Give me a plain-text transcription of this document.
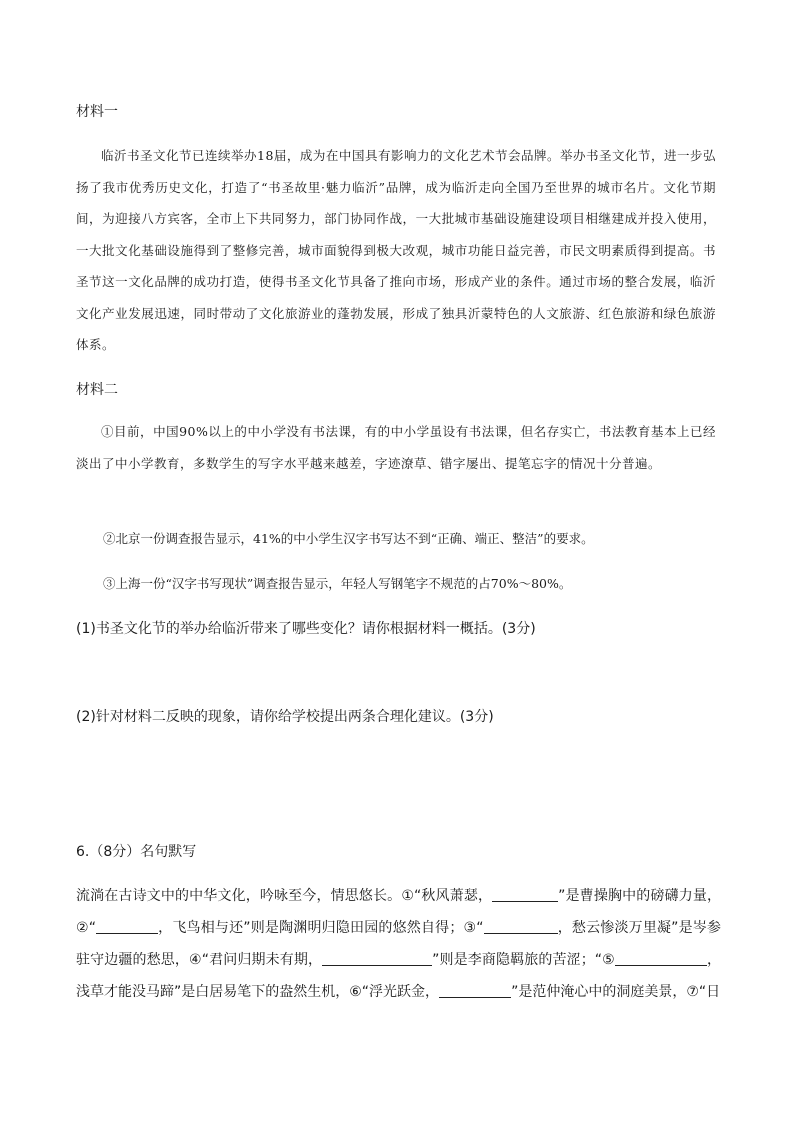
材料一
临沂书圣文化节已连续举办18届，成为在中国具有影响力的文化艺术节会品牌。举办书圣文化节，进一步弘扬了我市优秀历史文化，打造了“书圣故里·魅力临沂”品牌，成为临沂走向全国乃至世界的城市名片。文化节期间，为迎接八方宾客，全市上下共同努力，部门协同作战，一大批城市基础设施建设项目相继建成并投入使用，一大批文化基础设施得到了整修完善，城市面貌得到极大改观，城市功能日益完善，市民文明素质得到提高。书圣节这一文化品牌的成功打造，使得书圣文化节具备了推向市场，形成产业的条件。通过市场的整合发展，临沂文化产业发展迅速，同时带动了文化旅游业的蓬勃发展，形成了独具沂蒙特色的人文旅游、红色旅游和绿色旅游体系。
材料二
①目前，中国90%以上的中小学没有书法课，有的中小学虽设有书法课，但名存实亡，书法教育基本上已经淡出了中小学教育，多数学生的写字水平越来越差，字迹潦草、错字屡出、提笔忘字的情况十分普遍。
②北京一份调查报告显示，41%的中小学生汉字书写达不到“正确、端正、整洁”的要求。
③上海一份“汉字书写现状”调查报告显示，年轻人写钢笔字不规范的占70%～80%。
(1)书圣文化节的举办给临沂带来了哪些变化？请你根据材料一概括。(3分)
(2)针对材料二反映的现象，请你给学校提出两条合理化建议。(3分)
6.（8分）名句默写
流淌在古诗文中的中华文化，吟咏至今，情思悠长。①“秋风萧瑟，	”是曹操胸中的磅礴力量，②“	，飞鸟相与还”则是陶渊明归隐田园的悠然自得；③“	，愁云惨淡万里凝”是岑参驻守边疆的愁思，④“君问归期未有期，	”则是李商隐羁旅的苦涩；“⑤	，浅草才能没马蹄”是白居易笔下的盎然生机，⑥“浮光跃金，	”是范仲淹心中的洞庭美景，⑦“日
